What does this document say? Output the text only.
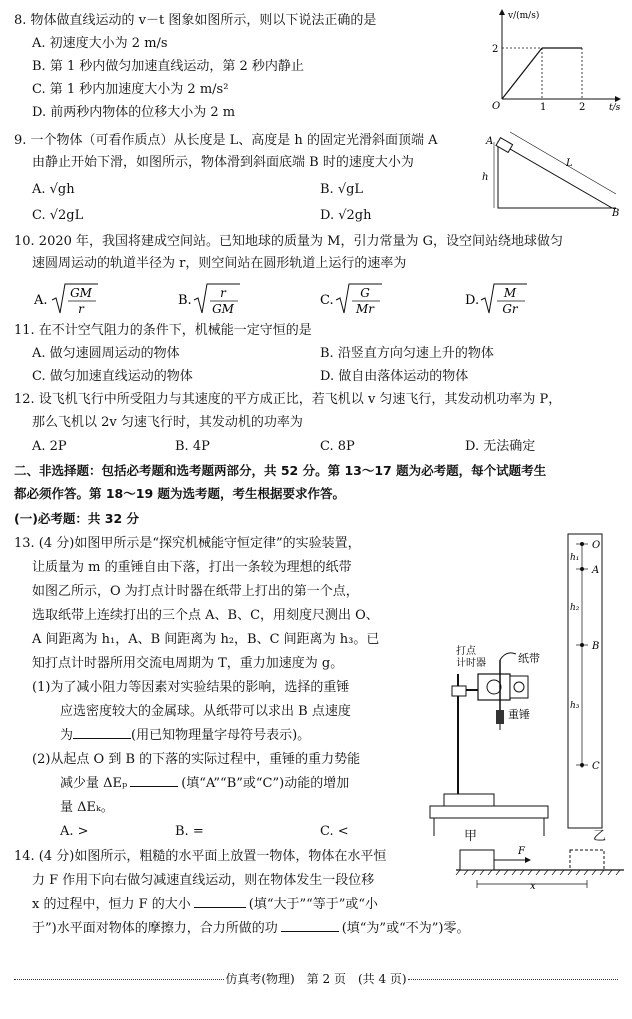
8. 物体做直线运动的 v－t 图象如图所示，则以下说法正确的是
A. 初速度大小为 2 m/s
B. 第 1 秒内做匀加速直线运动，第 2 秒内静止
C. 第 1 秒内加速度大小为 2 m/s²
D. 前两秒内物体的位移大小为 2 m
v/(m/s)
t/s
O
2
1	2
9. 一个物体（可看作质点）从长度是 L、高度是 h 的固定光滑斜面顶端 A
由静止开始下滑，如图所示，物体滑到斜面底端 B 时的速度大小为
A. √gh	B. √gL
C. √2gL	D. √2gh
A
B
L
h
10. 2020 年，我国将建成空间站。已知地球的质量为 M，引力常量为 G，设空间站绕地球做匀
速圆周运动的轨道半径为 r，则空间站在圆形轨道上运行的速率为
A. GM
r
B. r
GM
C. G
Mr
D. M
Gr
11. 在不计空气阻力的条件下，机械能一定守恒的是
A. 做匀速圆周运动的物体	B. 沿竖直方向匀速上升的物体
C. 做匀加速直线运动的物体	D. 做自由落体运动的物体
12. 设飞机飞行中所受阻力与其速度的平方成正比，若飞机以 v 匀速飞行，其发动机功率为 P，
那么飞机以 2v 匀速飞行时，其发动机的功率为
A. 2P	B. 4P	C. 8P	D. 无法确定
二、非选择题：包括必考题和选考题两部分，共 52 分。第 13～17 题为必考题，每个试题考生
都必须作答。第 18～19 题为选考题，考生根据要求作答。
(一)必考题：共 32 分
13. (4 分)如图甲所示是“探究机械能守恒定律”的实验装置，
让质量为 m 的重锤自由下落，打出一条较为理想的纸带
如图乙所示，O 为打点计时器在纸带上打出的第一个点，
选取纸带上连续打出的三个点 A、B、C，用刻度尺测出 O、
A 间距离为 h₁，A、B 间距离为 h₂，B、C 间距离为 h₃。已
知打点计时器所用交流电周期为 T，重力加速度为 g。
(1)为了减小阻力等因素对实验结果的影响，选择的重锤
应选密度较大的金属球。从纸带可以求出 B 点速度
为	(用已知物理量字母符号表示)。
(2)从起点 O 到 B 的下落的实际过程中，重锤的重力势能
减少量 ΔEₚ	(填“A”“B”或“C”)动能的增加
量 ΔEₖ。
A. >	B. =	C. <
打点
计时器	纸带
重锤
甲
O
A
B
C
h₁
h₂
h₃
乙
14. (4 分)如图所示，粗糙的水平面上放置一物体，物体在水平恒
力 F 作用下向右做匀减速直线运动，则在物体发生一段位移
x 的过程中，恒力 F 的大小	(填“大于”“等于”或“小
于”)水平面对物体的摩擦力，合力所做的功	(填“为”或“不为”)零。
F
x
仿真考(物理)　第 2 页　(共 4 页)
